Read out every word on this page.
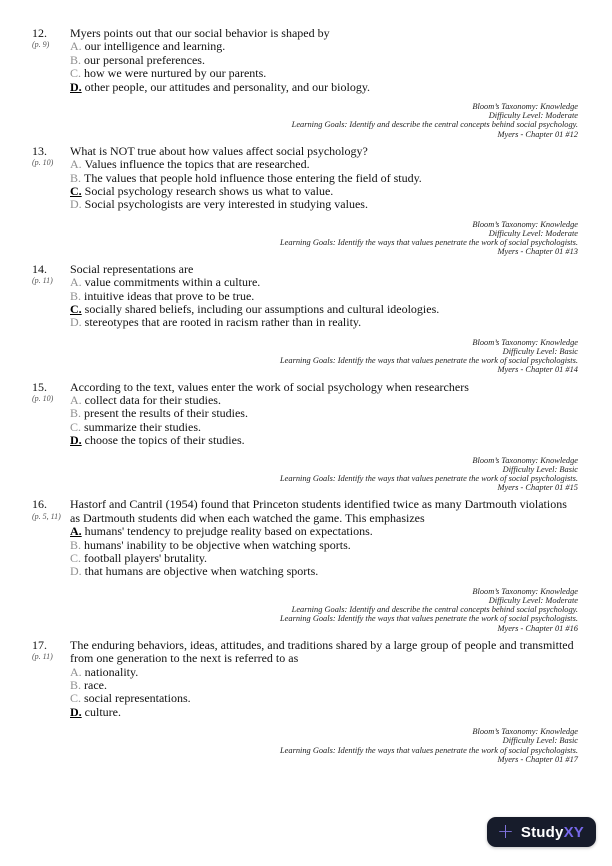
12.
(p. 9)
Myers points out that our social behavior is shaped by
A. our intelligence and learning.
B. our personal preferences.
C. how we were nurtured by our parents.
D. other people, our attitudes and personality, and our biology.
Bloom’s Taxonomy: Knowledge
Difficulty Level: Moderate
Learning Goals: Identify and describe the central concepts behind social psychology.
Myers - Chapter 01 #12
13.
(p. 10)
What is NOT true about how values affect social psychology?
A. Values influence the topics that are researched.
B. The values that people hold influence those entering the field of study.
C. Social psychology research shows us what to value.
D. Social psychologists are very interested in studying values.
Bloom’s Taxonomy: Knowledge
Difficulty Level: Moderate
Learning Goals: Identify the ways that values penetrate the work of social psychologists.
Myers - Chapter 01 #13
14.
(p. 11)
Social representations are
A. value commitments within a culture.
B. intuitive ideas that prove to be true.
C. socially shared beliefs, including our assumptions and cultural ideologies.
D. stereotypes that are rooted in racism rather than in reality.
Bloom’s Taxonomy: Knowledge
Difficulty Level: Basic
Learning Goals: Identify the ways that values penetrate the work of social psychologists.
Myers - Chapter 01 #14
15.
(p. 10)
According to the text, values enter the work of social psychology when researchers
A. collect data for their studies.
B. present the results of their studies.
C. summarize their studies.
D. choose the topics of their studies.
Bloom’s Taxonomy: Knowledge
Difficulty Level: Basic
Learning Goals: Identify the ways that values penetrate the work of social psychologists.
Myers - Chapter 01 #15
16.
(p. 5, 11)
Hastorf and Cantril (1954) found that Princeton students identified twice as many Dartmouth violations as Dartmouth students did when each watched the game. This emphasizes
A. humans' tendency to prejudge reality based on expectations.
B. humans' inability to be objective when watching sports.
C. football players' brutality.
D. that humans are objective when watching sports.
Bloom’s Taxonomy: Knowledge
Difficulty Level: Moderate
Learning Goals: Identify and describe the central concepts behind social psychology.
Learning Goals: Identify the ways that values penetrate the work of social psychologists.
Myers - Chapter 01 #16
17.
(p. 11)
The enduring behaviors, ideas, attitudes, and traditions shared by a large group of people and transmitted from one generation to the next is referred to as
A. nationality.
B. race.
C. social representations.
D. culture.
Bloom’s Taxonomy: Knowledge
Difficulty Level: Basic
Learning Goals: Identify the ways that values penetrate the work of social psychologists.
Myers - Chapter 01 #17
+ StudyXY
